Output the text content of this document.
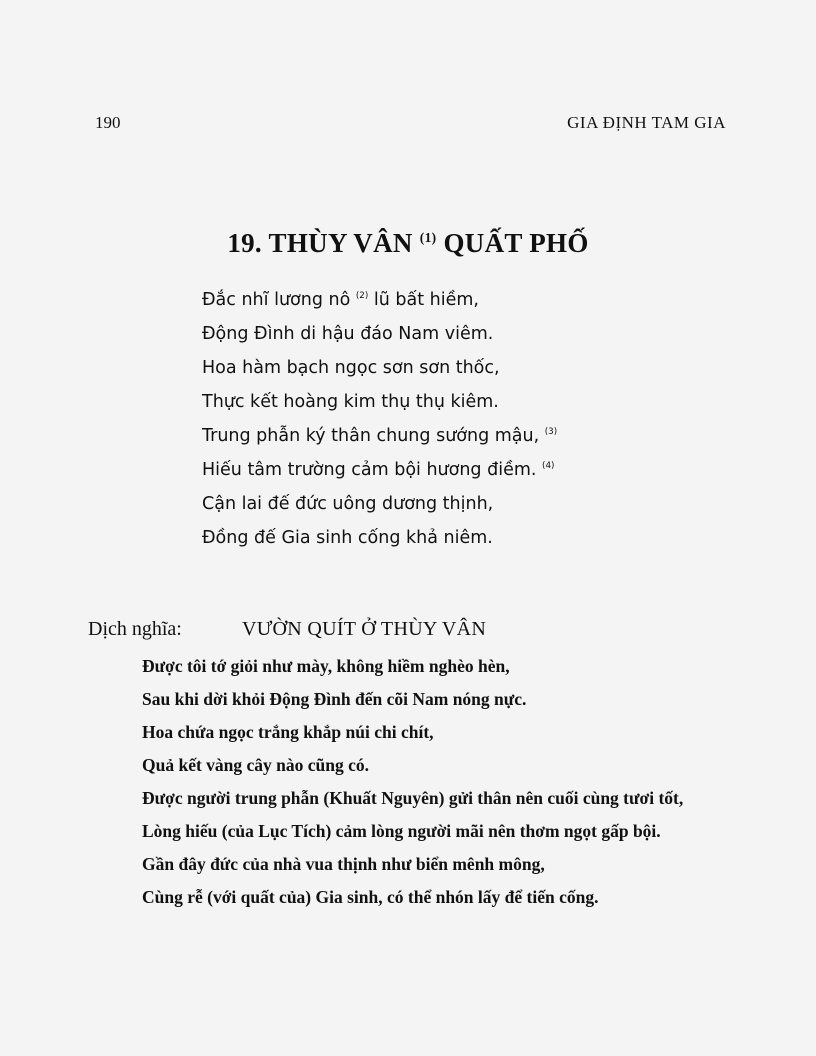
190	GIA ĐỊNH TAM GIA
19. THÙY VÂN $^{(1)}$ QUẤT PHỐ
Đắc nhĩ lương nô $^{(2)}$ lũ bất hiềm,
Động Đình di hậu đáo Nam viêm.
Hoa hàm bạch ngọc sơn sơn thốc,
Thực kết hoàng kim thụ thụ kiêm.
Trung phẫn ký thân chung sướng mậu, $^{(3)}$
Hiếu tâm trường cảm bội hương điềm. $^{(4)}$
Cận lai đế đức uông dương thịnh,
Đồng đế Gia sinh cống khả niêm.
Dịch nghĩa:	VƯỜN QUÍT Ở THÙY VÂN
Được tôi tớ giỏi như mày, không hiềm nghèo hèn,
Sau khi dời khỏi Động Đình đến cõi Nam nóng nực.
Hoa chứa ngọc trắng khắp núi chi chít,
Quả kết vàng cây nào cũng có.
Được người trung phẫn (Khuất Nguyên) gửi thân nên cuối cùng tươi tốt,
Lòng hiếu (của Lục Tích) cảm lòng người mãi nên thơm ngọt gấp bội.
Gần đây đức của nhà vua thịnh như biển mênh mông,
Cùng rễ (với quất của) Gia sinh, có thể nhón lấy để tiến cống.
